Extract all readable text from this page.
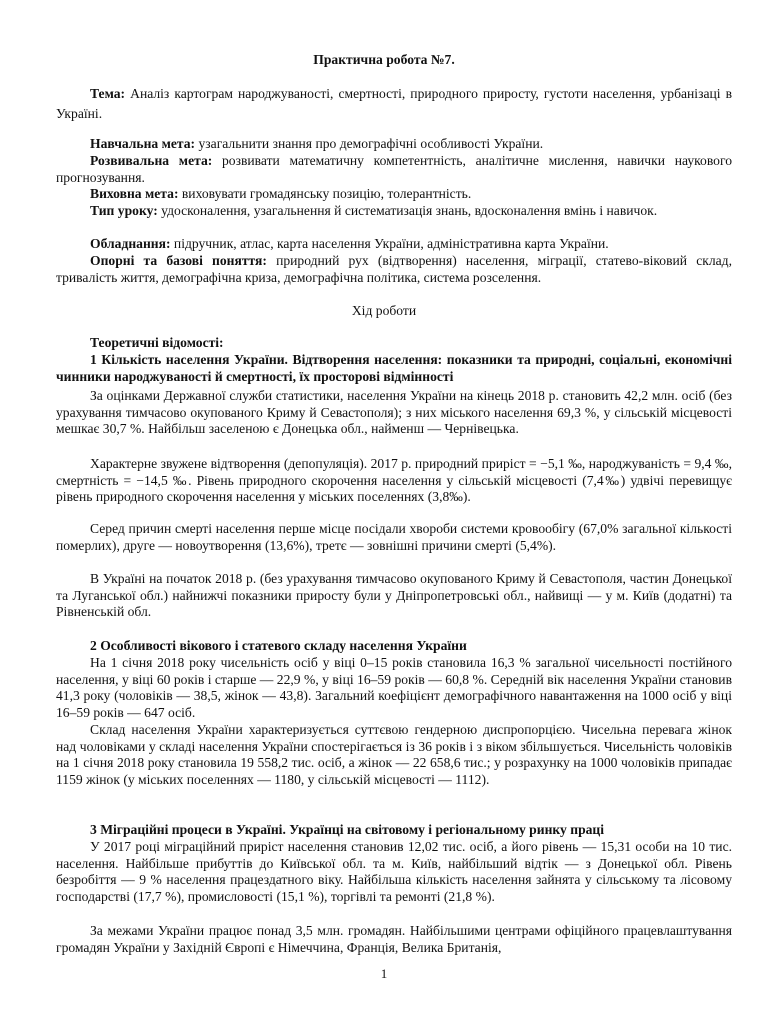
Практична робота №7.

Тема: Аналіз картограм народжуваності, смертності, природного приросту, густоти населення, урбанізаці в Україні.

Навчальна мета: узагальнити знання про демографічні особливості України.

Розвивальна мета: розвивати математичну компетентність, аналітичне мислення, навички наукового прогнозування.

Виховна мета: виховувати громадянську позицію, толерантність.

Тип уроку: удосконалення, узагальнення й систематизація знань, вдосконалення вмінь і навичок.

Обладнання: підручник, атлас, карта населення України, адміністративна карта України.

Опорні та базові поняття: природний рух (відтворення) населення, міграції, статево-віковий склад, тривалість життя, демографічна криза, демографічна політика, система розселення.

Хід роботи

Теоретичні відомості:

1 Кількість населення України. Відтворення населення: показники та природні, соціальні, економічні чинники народжуваності й смертності, їх просторові відмінності

За оцінками Державної служби статистики, населення України на кінець 2018 р. становить 42,2 млн. осіб (без урахування тимчасово окупованого Криму й Севастополя); з них міського населення 69,3 %, у сільській місцевості мешкає 30,7 %. Найбільш заселеною є Донецька обл., найменш — Чернівецька.

Характерне звужене відтворення (депопуляція). 2017 р. природний приріст = −5,1 ‰, народжуваність = 9,4 ‰, смертність = −14,5 ‰. Рівень природного скорочення населення у сільській місцевості (7,4‰) удвічі перевищує рівень природного скорочення населення у міських поселеннях (3,8‰).

Серед причин смерті населення перше місце посідали хвороби системи кровообігу (67,0% загальної кількості померлих), друге — новоутворення (13,6%), третє — зовнішні причини смерті (5,4%).

В Україні на початок 2018 р. (без урахування тимчасово окупованого Криму й Севастополя, частин Донецької та Луганської обл.) найнижчі показники приросту були у Дніпропетровські обл., найвищі — у м. Київ (додатні) та Рівненській обл.

2 Особливості вікового і статевого складу населення України

На 1 січня 2018 року чисельність осіб у віці 0–15 років становила 16,3 % загальної чисельності постійного населення, у віці 60 років і старше — 22,9 %, у віці 16–59 років — 60,8 %. Середній вік населення України становив 41,3 року (чоловіків — 38,5, жінок — 43,8). Загальний коефіцієнт демографічного навантаження на 1000 осіб у віці 16–59 років — 647 осіб.

Склад населення України характеризується суттєвою гендерною диспропорцією. Чисельна перевага жінок над чоловіками у складі населення України спостерігається із 36 років і з віком збільшується. Чисельність чоловіків на 1 січня 2018 року становила 19 558,2 тис. осіб, а жінок — 22 658,6 тис.; у розрахунку на 1000 чоловіків припадає 1159 жінок (у міських поселеннях — 1180, у сільській місцевості — 1112).

3 Міграційні процеси в Україні. Українці на світовому і регіональному ринку праці

У 2017 році міграційний приріст населення становив 12,02 тис. осіб, а його рівень — 15,31 особи на 10 тис. населення. Найбільше прибуттів до Київської обл. та м. Київ, найбільший відтік — з Донецької обл. Рівень безробіття — 9 % населення працездатного віку. Найбільша кількість населення зайнята у сільському та лісовому господарстві (17,7 %), промисловості (15,1 %), торгівлі та ремонті (21,8 %).

За межами України працює понад 3,5 млн. громадян. Найбільшими центрами офіційного працевлаштування громадян України у Західній Європі є Німеччина, Франція, Велика Британія,

1
